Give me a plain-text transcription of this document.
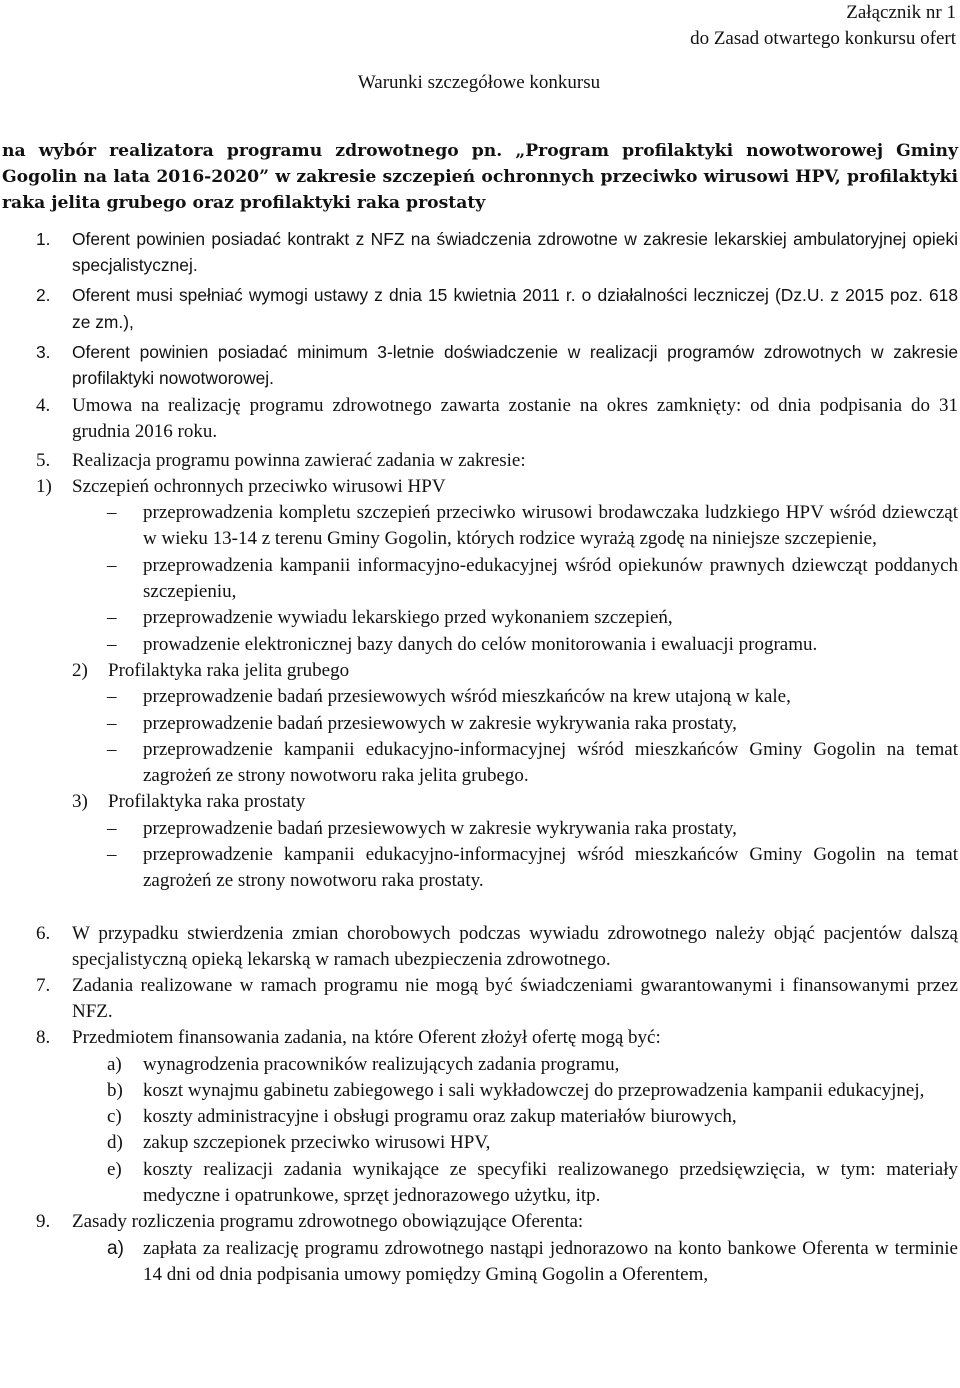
Załącznik nr 1
do Zasad otwartego konkursu ofert
Warunki szczegółowe konkursu
na wybór realizatora programu zdrowotnego pn. „Program profilaktyki nowotworowej Gminy Gogolin na lata 2016-2020” w zakresie szczepień ochronnych przeciwko wirusowi HPV, profilaktyki raka jelita grubego oraz profilaktyki raka prostaty
1. Oferent powinien posiadać kontrakt z NFZ na świadczenia zdrowotne w zakresie lekarskiej ambulatoryjnej opieki specjalistycznej.
2. Oferent musi spełniać wymogi ustawy z dnia 15 kwietnia 2011 r. o działalności leczniczej (Dz.U. z 2015 poz. 618 ze zm.),
3. Oferent powinien posiadać minimum 3-letnie doświadczenie w realizacji programów zdrowotnych w zakresie profilaktyki nowotworowej.
4. Umowa na realizację programu zdrowotnego zawarta zostanie na okres zamknięty: od dnia podpisania do 31 grudnia 2016 roku.
5. Realizacja programu powinna zawierać zadania w zakresie:
1) Szczepień ochronnych przeciwko wirusowi HPV
– przeprowadzenia kompletu szczepień przeciwko wirusowi brodawczaka ludzkiego HPV wśród dziewcząt w wieku 13-14 z terenu Gminy Gogolin, których rodzice wyrażą zgodę na niniejsze szczepienie,
– przeprowadzenia kampanii informacyjno-edukacyjnej wśród opiekunów prawnych dziewcząt poddanych szczepieniu,
– przeprowadzenie wywiadu lekarskiego przed wykonaniem szczepień,
– prowadzenie elektronicznej bazy danych do celów monitorowania i ewaluacji programu.
2) Profilaktyka raka jelita grubego
– przeprowadzenie badań przesiewowych wśród mieszkańców na krew utajoną w kale,
– przeprowadzenie badań przesiewowych w zakresie wykrywania raka prostaty,
– przeprowadzenie kampanii edukacyjno-informacyjnej wśród mieszkańców Gminy Gogolin na temat zagrożeń ze strony nowotworu raka jelita grubego.
3) Profilaktyka raka prostaty
– przeprowadzenie badań przesiewowych w zakresie wykrywania raka prostaty,
– przeprowadzenie kampanii edukacyjno-informacyjnej wśród mieszkańców Gminy Gogolin na temat zagrożeń ze strony nowotworu raka prostaty.
6. W przypadku stwierdzenia zmian chorobowych podczas wywiadu zdrowotnego należy objąć pacjentów dalszą specjalistyczną opieką lekarską w ramach ubezpieczenia zdrowotnego.
7. Zadania realizowane w ramach programu nie mogą być świadczeniami gwarantowanymi i finansowanymi przez NFZ.
8. Przedmiotem finansowania zadania, na które Oferent złożył ofertę mogą być:
a) wynagrodzenia pracowników realizujących zadania programu,
b) koszt wynajmu gabinetu zabiegowego i sali wykładowczej do przeprowadzenia kampanii edukacyjnej,
c) koszty administracyjne i obsługi programu oraz zakup materiałów biurowych,
d) zakup szczepionek przeciwko wirusowi HPV,
e) koszty realizacji zadania wynikające ze specyfiki realizowanego przedsięwzięcia, w tym: materiały medyczne i opatrunkowe, sprzęt jednorazowego użytku, itp.
9. Zasady rozliczenia programu zdrowotnego obowiązujące Oferenta:
a) zapłata za realizację programu zdrowotnego nastąpi jednorazowo na konto bankowe Oferenta w terminie 14 dni od dnia podpisania umowy pomiędzy Gminą Gogolin a Oferentem,
